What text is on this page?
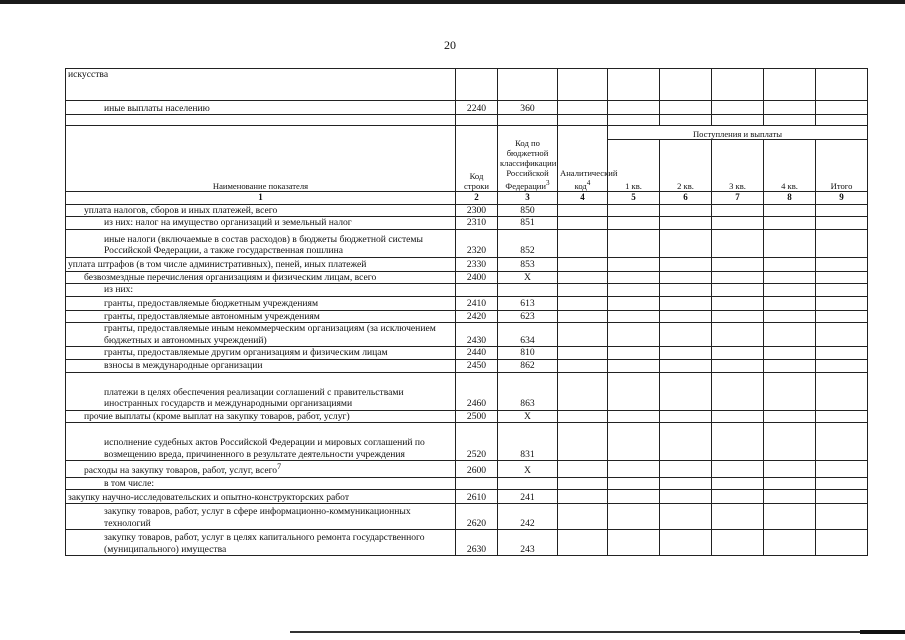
20
искусства								
иные выплаты населению	2240	360						

Наименование показателя	Код строки	Код по бюджетной классификации Российской Федерации$^3$	Аналитический код$^4$	Поступления и выплаты				
				1 кв.	2 кв.	3 кв.	4 кв.	Итого
1	2	3	4	5	6	7	8	9
уплата налогов, сборов и иных платежей, всего	2300	850						
из них: налог на имущество организаций и земельный налог	2310	851						
иные налоги (включаемые в состав расходов) в бюджеты бюджетной системы Российской Федерации, а также государственная пошлина	2320	852						
уплата штрафов (в том числе административных), пеней, иных платежей	2330	853						
безвозмездные перечисления организациям и физическим лицам, всего	2400	Х						
из них:								
гранты, предоставляемые бюджетным учреждениям	2410	613						
гранты, предоставляемые автономным учреждениям	2420	623						
гранты, предоставляемые иным некоммерческим организациям (за исключением бюджетных и автономных учреждений)	2430	634						
гранты, предоставляемые другим организациям и физическим лицам	2440	810						
взносы в международные организации	2450	862						
платежи в целях обеспечения реализации соглашений с правительствами иностранных государств и международными организациями	2460	863						
прочие выплаты (кроме выплат на закупку товаров, работ, услуг)	2500	Х						
исполнение судебных актов Российской Федерации и мировых соглашений по возмещению вреда, причиненного в результате деятельности учреждения	2520	831						
расходы на закупку товаров, работ, услуг, всего$^7$	2600	Х						
в том числе:								
закупку научно-исследовательских и опытно-конструкторских работ	2610	241						
закупку товаров, работ, услуг в сфере информационно-коммуникационных технологий	2620	242						
закупку товаров, работ, услуг в целях капитального ремонта государственного (муниципального) имущества	2630	243						
